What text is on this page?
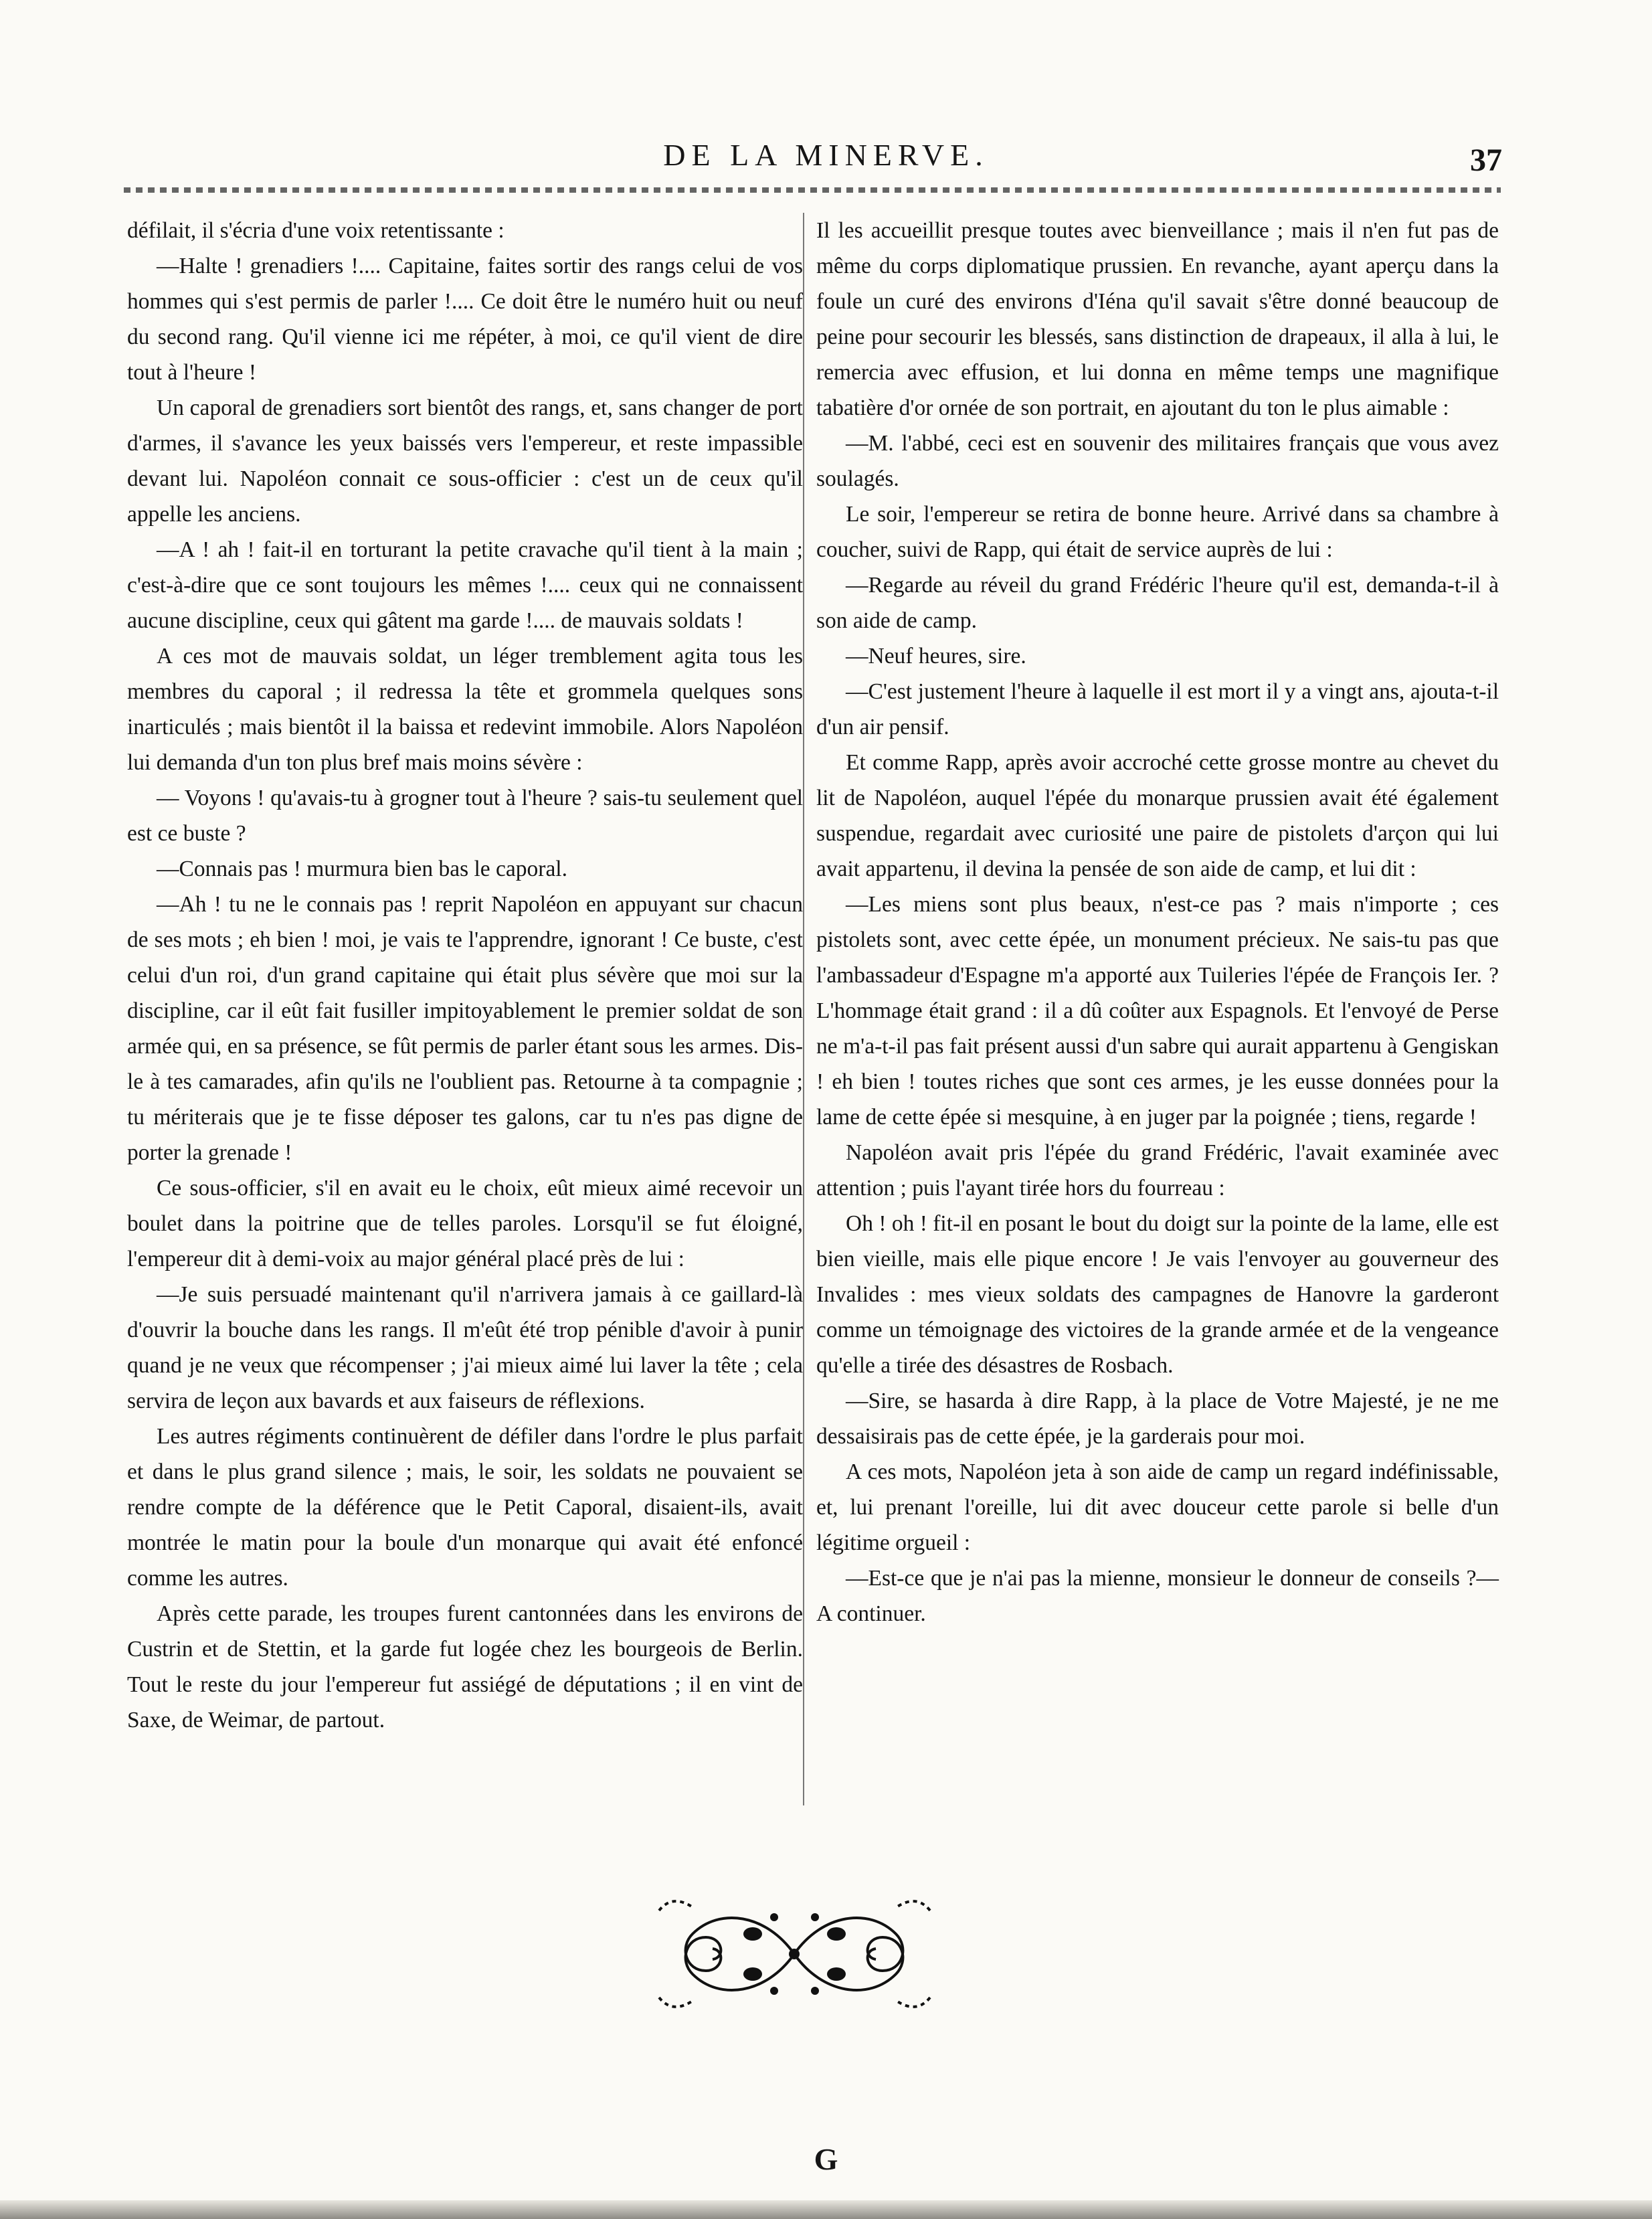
DE LA MINERVE.	37

défilait, il s'écria d'une voix retentissante :

—Halte ! grenadiers !.... Capitaine, faites sortir des rangs celui de vos hommes qui s'est permis de parler !.... Ce doit être le numéro huit ou neuf du second rang. Qu'il vienne ici me répéter, à moi, ce qu'il vient de dire tout à l'heure !

Un caporal de grenadiers sort bientôt des rangs, et, sans changer de port d'armes, il s'avance les yeux baissés vers l'empereur, et reste impassible devant lui. Napoléon connait ce sous-officier : c'est un de ceux qu'il appelle les anciens.

—A ! ah ! fait-il en torturant la petite cravache qu'il tient à la main ; c'est-à-dire que ce sont toujours les mêmes !.... ceux qui ne connaissent aucune discipline, ceux qui gâtent ma garde !.... de mauvais soldats !

A ces mot de mauvais soldat, un léger tremblement agita tous les membres du caporal ; il redressa la tête et grommela quelques sons inarticulés ; mais bientôt il la baissa et redevint immobile. Alors Napoléon lui demanda d'un ton plus bref mais moins sévère :

— Voyons ! qu'avais-tu à grogner tout à l'heure ? sais-tu seulement quel est ce buste ?

—Connais pas ! murmura bien bas le caporal.

—Ah ! tu ne le connais pas ! reprit Napoléon en appuyant sur chacun de ses mots ; eh bien ! moi, je vais te l'apprendre, ignorant ! Ce buste, c'est celui d'un roi, d'un grand capitaine qui était plus sévère que moi sur la discipline, car il eût fait fusiller impitoyablement le premier soldat de son armée qui, en sa présence, se fût permis de parler étant sous les armes. Dis-le à tes camarades, afin qu'ils ne l'oublient pas. Retourne à ta compagnie ; tu mériterais que je te fisse déposer tes galons, car tu n'es pas digne de porter la grenade !

Ce sous-officier, s'il en avait eu le choix, eût mieux aimé recevoir un boulet dans la poitrine que de telles paroles. Lorsqu'il se fut éloigné, l'empereur dit à demi-voix au major général placé près de lui :

—Je suis persuadé maintenant qu'il n'arrivera jamais à ce gaillard-là d'ouvrir la bouche dans les rangs. Il m'eût été trop pénible d'avoir à punir quand je ne veux que récompenser ; j'ai mieux aimé lui laver la tête ; cela servira de leçon aux bavards et aux faiseurs de réflexions.

Les autres régiments continuèrent de défiler dans l'ordre le plus parfait et dans le plus grand silence ; mais, le soir, les soldats ne pouvaient se rendre compte de la déférence que le Petit Caporal, disaient-ils, avait montrée le matin pour la boule d'un monarque qui avait été enfoncé comme les autres.

Après cette parade, les troupes furent cantonnées dans les environs de Custrin et de Stettin, et la garde fut logée chez les bourgeois de Berlin. Tout le reste du jour l'empereur fut assiégé de députations ; il en vint de Saxe, de Weimar, de partout.

Il les accueillit presque toutes avec bienveillance ; mais il n'en fut pas de même du corps diplomatique prussien. En revanche, ayant aperçu dans la foule un curé des environs d'Iéna qu'il savait s'être donné beaucoup de peine pour secourir les blessés, sans distinction de drapeaux, il alla à lui, le remercia avec effusion, et lui donna en même temps une magnifique tabatière d'or ornée de son portrait, en ajoutant du ton le plus aimable :

—M. l'abbé, ceci est en souvenir des militaires français que vous avez soulagés.

Le soir, l'empereur se retira de bonne heure. Arrivé dans sa chambre à coucher, suivi de Rapp, qui était de service auprès de lui :

—Regarde au réveil du grand Frédéric l'heure qu'il est, demanda-t-il à son aide de camp.

—Neuf heures, sire.

—C'est justement l'heure à laquelle il est mort il y a vingt ans, ajouta-t-il d'un air pensif.

Et comme Rapp, après avoir accroché cette grosse montre au chevet du lit de Napoléon, auquel l'épée du monarque prussien avait été également suspendue, regardait avec curiosité une paire de pistolets d'arçon qui lui avait appartenu, il devina la pensée de son aide de camp, et lui dit :

—Les miens sont plus beaux, n'est-ce pas ? mais n'importe ; ces pistolets sont, avec cette épée, un monument précieux. Ne sais-tu pas que l'ambassadeur d'Espagne m'a apporté aux Tuileries l'épée de François Ier. ? L'hommage était grand : il a dû coûter aux Espagnols. Et l'envoyé de Perse ne m'a-t-il pas fait présent aussi d'un sabre qui aurait appartenu à Gengiskan ! eh bien ! toutes riches que sont ces armes, je les eusse données pour la lame de cette épée si mesquine, à en juger par la poignée ; tiens, regarde !

Napoléon avait pris l'épée du grand Frédéric, l'avait examinée avec attention ; puis l'ayant tirée hors du fourreau :

Oh ! oh ! fit-il en posant le bout du doigt sur la pointe de la lame, elle est bien vieille, mais elle pique encore ! Je vais l'envoyer au gouverneur des Invalides : mes vieux soldats des campagnes de Hanovre la garderont comme un témoignage des victoires de la grande armée et de la vengeance qu'elle a tirée des désastres de Rosbach.

—Sire, se hasarda à dire Rapp, à la place de Votre Majesté, je ne me dessaisirais pas de cette épée, je la garderais pour moi.

A ces mots, Napoléon jeta à son aide de camp un regard indéfinissable, et, lui prenant l'oreille, lui dit avec douceur cette parole si belle d'un légitime orgueil :

—Est-ce que je n'ai pas la mienne, monsieur le donneur de conseils ?—A continuer.

G
